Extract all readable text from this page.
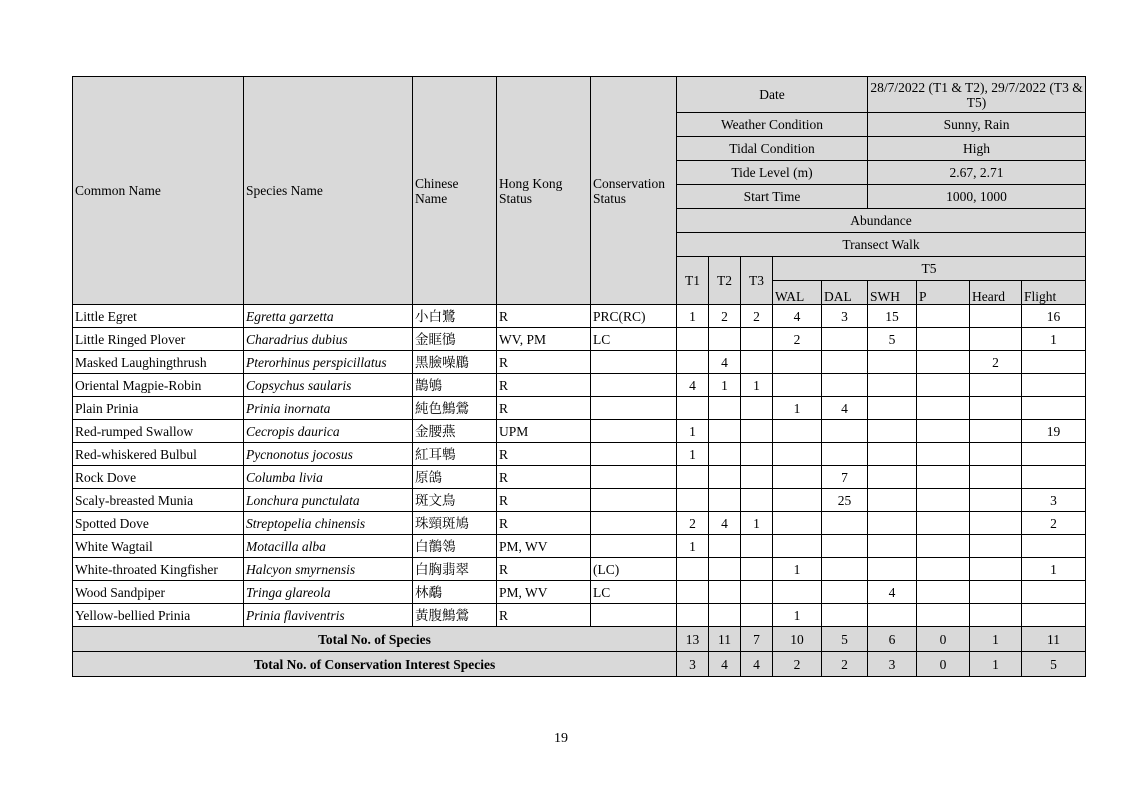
Common Name	Species Name	Chinese Name	Hong Kong Status	Conservation Status	Date					28/7/2022 (T1 & T2), 29/7/2022 (T3 & T5)			
					Weather Condition					Sunny, Rain			
					Tidal Condition					High			
					Tide Level (m)					2.67, 2.71			
					Start Time					1000, 1000			
					Abundance								
					Transect Walk								
					T1	T2	T3	T5					

								WAL	DAL	SWH	P	Heard	Flight
Little Egret	Egretta garzetta	小白鷺	R	PRC(RC)	1	2	2	4	3	15			16
Little Ringed Plover	Charadrius dubius	金眶鴴	WV, PM	LC				2		5			1
Masked Laughingthrush	Pterorhinus perspicillatus	黑臉噪鶥	R			4						2	
Oriental Magpie-Robin	Copsychus saularis	鵲鴝	R		4	1	1						
Plain Prinia	Prinia inornata	純色鷦鶯	R					1	4				
Red-rumped Swallow	Cecropis daurica	金腰燕	UPM		1								19
Red-whiskered Bulbul	Pycnonotus jocosus	紅耳鵯	R		1								
Rock Dove	Columba livia	原鴿	R						7				
Scaly-breasted Munia	Lonchura punctulata	斑文鳥	R						25				3
Spotted Dove	Streptopelia chinensis	珠頸斑鳩	R		2	4	1						2
White Wagtail	Motacilla alba	白鶺鴒	PM, WV		1								
White-throated Kingfisher	Halcyon smyrnensis	白胸翡翠	R	(LC)				1					1
Wood Sandpiper	Tringa glareola	林鷸	PM, WV	LC						4			
Yellow-bellied Prinia	Prinia flaviventris	黃腹鷦鶯	R					1					
Total No. of Species					13	11	7	10	5	6	0	1	11
Total No. of Conservation Interest Species					3	4	4	2	2	3	0	1	5
19
